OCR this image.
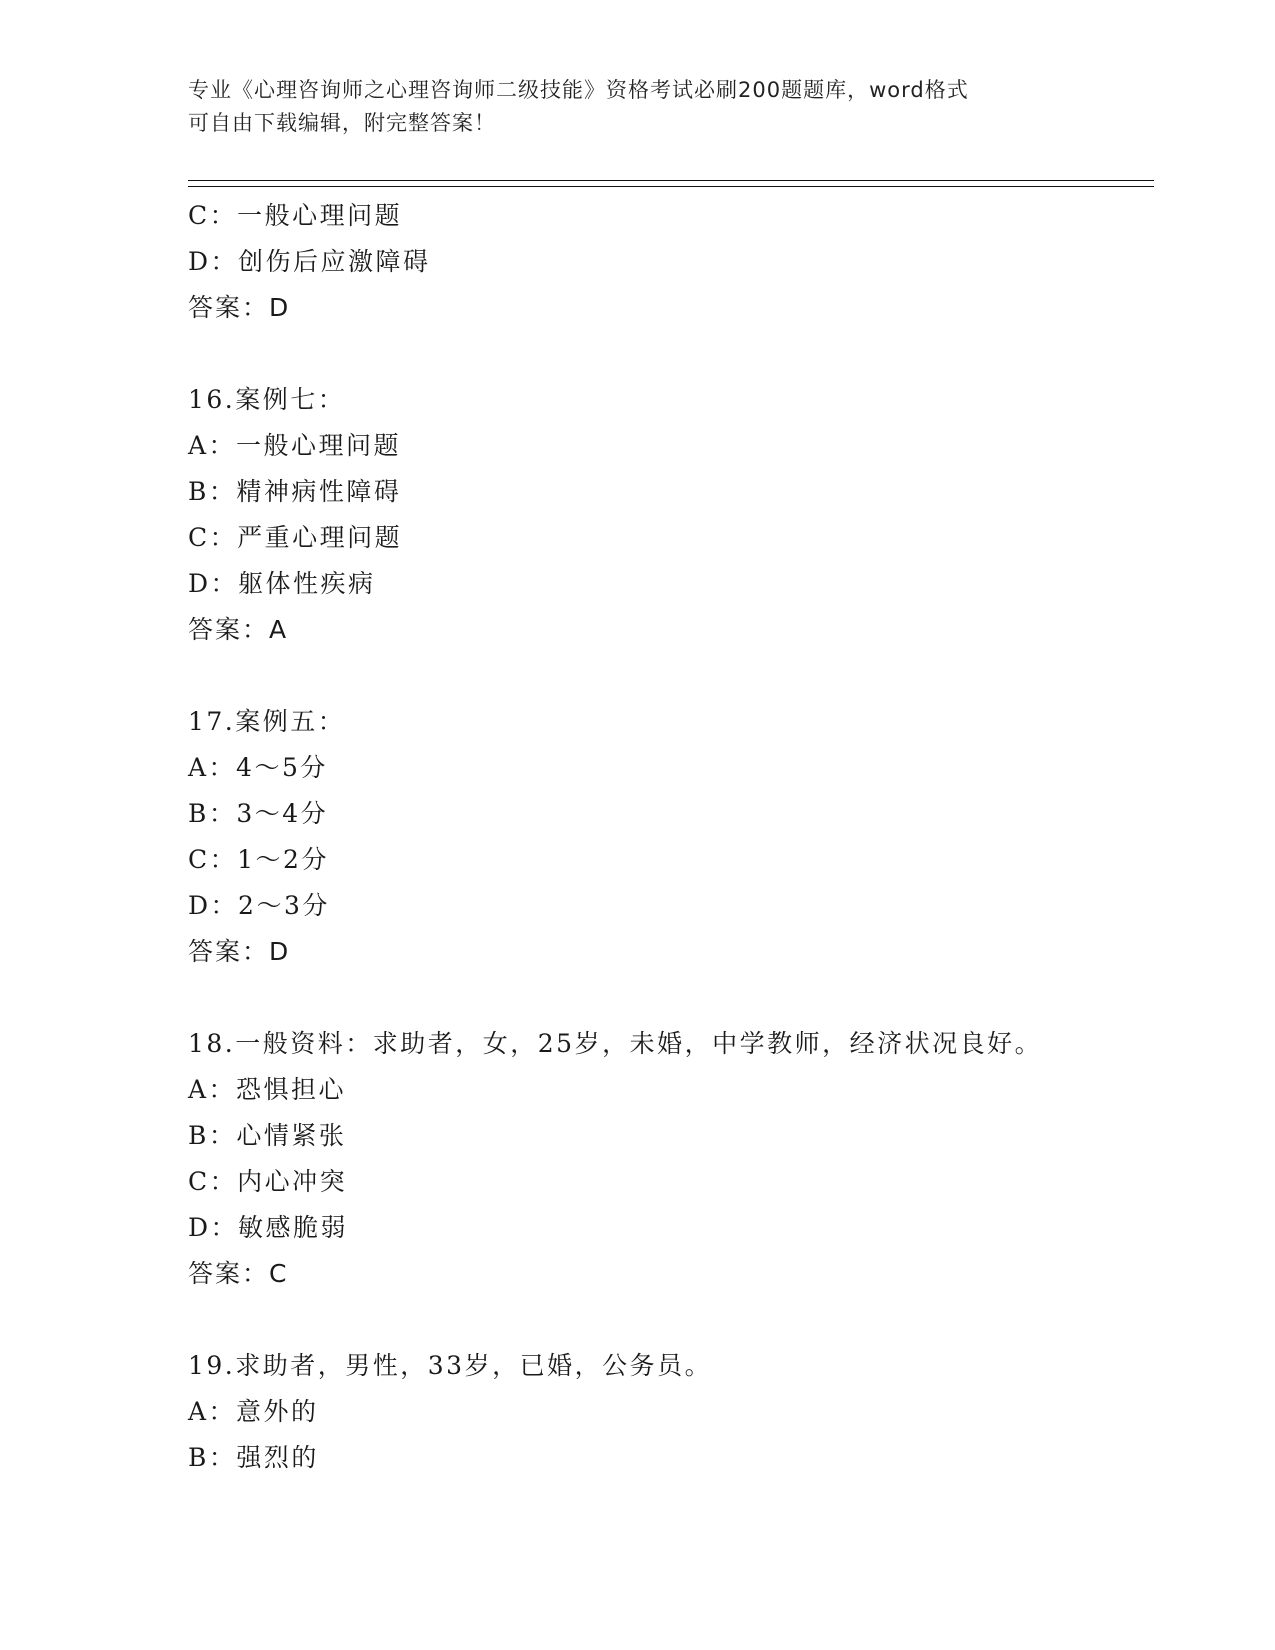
专业《心理咨询师之心理咨询师二级技能》资格考试必刷200题题库，word格式
可自由下载编辑，附完整答案！
C：一般心理问题
D：创伤后应激障碍
答案：D
16.案例七：
A：一般心理问题
B：精神病性障碍
C：严重心理问题
D：躯体性疾病
答案：A
17.案例五：
A：4～5分
B：3～4分
C：1～2分
D：2～3分
答案：D
18.一般资料：求助者，女，25岁，未婚，中学教师，经济状况良好。
A：恐惧担心
B：心情紧张
C：内心冲突
D：敏感脆弱
答案：C
19.求助者，男性，33岁，已婚，公务员。
A：意外的
B：强烈的
